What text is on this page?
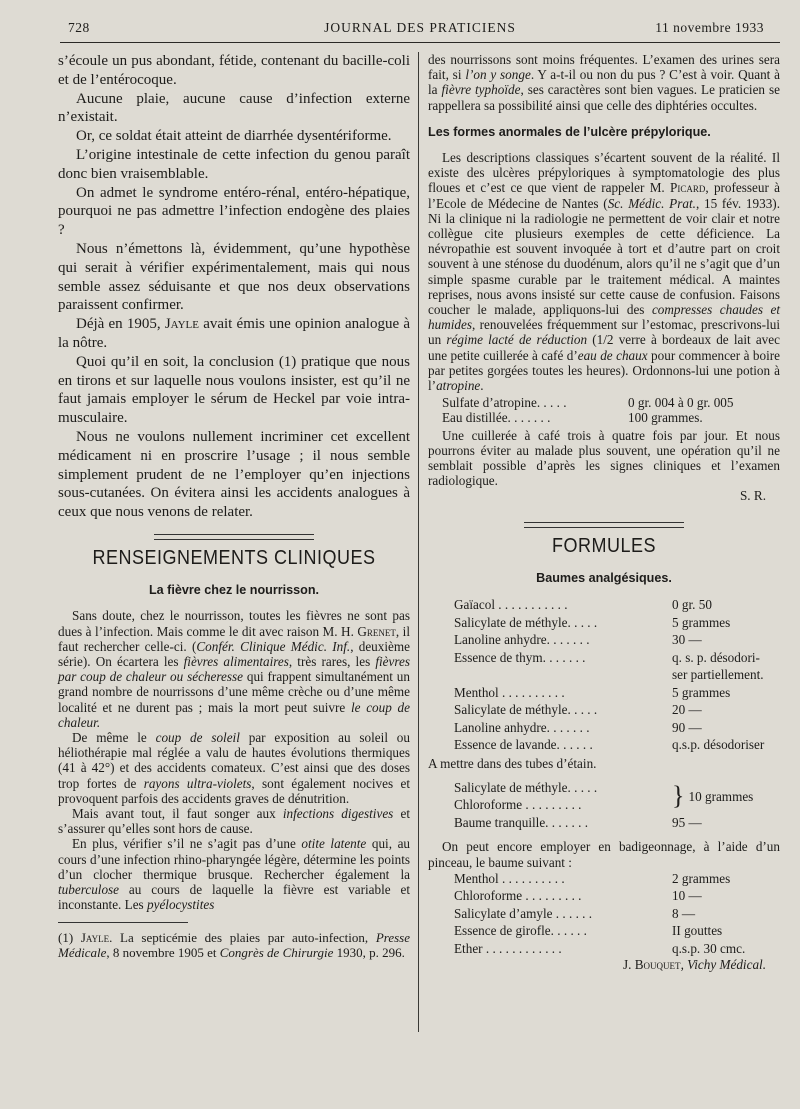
728	JOURNAL DES PRATICIENS	11 novembre 1933

s’écoule un pus abondant, fétide, contenant du bacille-coli et de l’entérocoque.

Aucune plaie, aucune cause d’infection externe n’existait.

Or, ce soldat était atteint de diarrhée dysentériforme.

L’origine intestinale de cette infection du genou paraît donc bien vraisemblable.

On admet le syndrome entéro-rénal, entéro-hépatique, pourquoi ne pas admettre l’infection endogène des plaies ?

Nous n’émettons là, évidemment, qu’une hypothèse qui serait à vérifier expérimentalement, mais qui nous semble assez séduisante et que nos deux observations paraissent confirmer.

Déjà en 1905, Jayle avait émis une opinion analogue à la nôtre.

Quoi qu’il en soit, la conclusion (1) pratique que nous en tirons et sur laquelle nous voulons insister, est qu’il ne faut jamais employer le sérum de Heckel par voie intra-musculaire.

Nous ne voulons nullement incriminer cet excellent médicament ni en proscrire l’usage ; il nous semble simplement prudent de ne l’employer qu’en injections sous-cutanées. On évitera ainsi les accidents analogues à ceux que nous venons de relater.

RENSEIGNEMENTS CLINIQUES
La fièvre chez le nourrisson.

Sans doute, chez le nourrisson, toutes les fièvres ne sont pas dues à l’infection. Mais comme le dit avec raison M. H. Grenet, il faut rechercher celle-ci. (Confér. Clinique Médic. Inf., deuxième série). On écartera les fièvres alimentaires, très rares, les fièvres par coup de chaleur ou sécheresse qui frappent simultanément un grand nombre de nourrissons d’une même crèche ou d’une même localité et ne durent pas ; mais la mort peut suivre le coup de chaleur.

De même le coup de soleil par exposition au soleil ou héliothérapie mal réglée a valu de hautes évolutions thermiques (41 à 42°) et des accidents comateux. C’est ainsi que des doses trop fortes de rayons ultra-violets, sont également nocives et provoquent parfois des accidents graves de dénutrition.

Mais avant tout, il faut songer aux infections digestives et s’assurer qu’elles sont hors de cause.

En plus, vérifier s’il ne s’agit pas d’une otite latente qui, au cours d’une infection rhino-pharyngée légère, détermine les points d’un clocher thermique brusque. Rechercher également la tuberculose au cours de laquelle la fièvre est variable et inconstante. Les pyélocystites

(1) Jayle. La septicémie des plaies par auto-infection, Presse Médicale, 8 novembre 1905 et Congrès de Chirurgie 1930, p. 296.

des nourrissons sont moins fréquentes. L’examen des urines sera fait, si l’on y songe. Y a-t-il ou non du pus ? C’est à voir. Quant à la fièvre typhoïde, ses caractères sont bien vagues. Le praticien se rappellera sa possibilité ainsi que celle des diphtéries occultes.

Les formes anormales de l’ulcère prépylorique.

Les descriptions classiques s’écartent souvent de la réalité. Il existe des ulcères prépyloriques à symptomatologie des plus floues et c’est ce que vient de rappeler M. Picard, professeur à l’Ecole de Médecine de Nantes (Sc. Médic. Prat., 15 fév. 1933). Ni la clinique ni la radiologie ne permettent de voir clair et notre collègue cite plusieurs exemples de cette déficience. La névropathie est souvent invoquée à tort et d’autre part on croit souvent à une sténose du duodénum, alors qu’il ne s’agit que d’un simple spasme curable par le traitement médical. A maintes reprises, nous avons insisté sur cette cause de confusion. Faisons coucher le malade, appliquons-lui des compresses chaudes et humides, renouvelées fréquemment sur l’estomac, prescrivons-lui un régime lacté de réduction (1/2 verre à bordeaux de lait avec une petite cuillerée à café d’eau de chaux pour commencer à boire par petites gorgées toutes les heures). Ordonnons-lui une potion à l’atropine.

Sulfate d’atropine. . . . .	0 gr. 004 à 0 gr. 005
Eau distillée. . . . . . .	100 grammes.

Une cuillerée à café trois à quatre fois par jour. Et nous pourrons éviter au malade plus souvent, une opération qu’il ne semblait possible d’après les signes cliniques et l’examen radiologique.

S. R.
FORMULES
Baumes analgésiques.
Gaïacol . . . . . . . . . . .	0 gr. 50
Salicylate de méthyle. . . . .	5 grammes
Lanoline anhydre. . . . . . .	30 —
Essence de thym. . . . . . .	q. s. p. désodori-
ser partiellement.
Menthol . . . . . . . . . .	5 grammes
Salicylate de méthyle. . . . .	20 —
Lanoline anhydre. . . . . . .	90 —
Essence de lavande. . . . . .	q.s.p. désodoriser
A mettre dans des tubes d’étain.
Salicylate de méthyle. . . . .
Chloroforme . . . . . . . . .	} 10 grammes
Baume tranquille. . . . . . .	95 —

On peut encore employer en badigeonnage, à l’aide d’un pinceau, le baume suivant :

Menthol . . . . . . . . . .	2 grammes
Chloroforme . . . . . . . . .	10 —
Salicylate d’amyle . . . . . .	8 —
Essence de girofle. . . . . .	II gouttes
Ether . . . . . . . . . . . .	q.s.p. 30 cmc.
J. Bouquet, Vichy Médical.
